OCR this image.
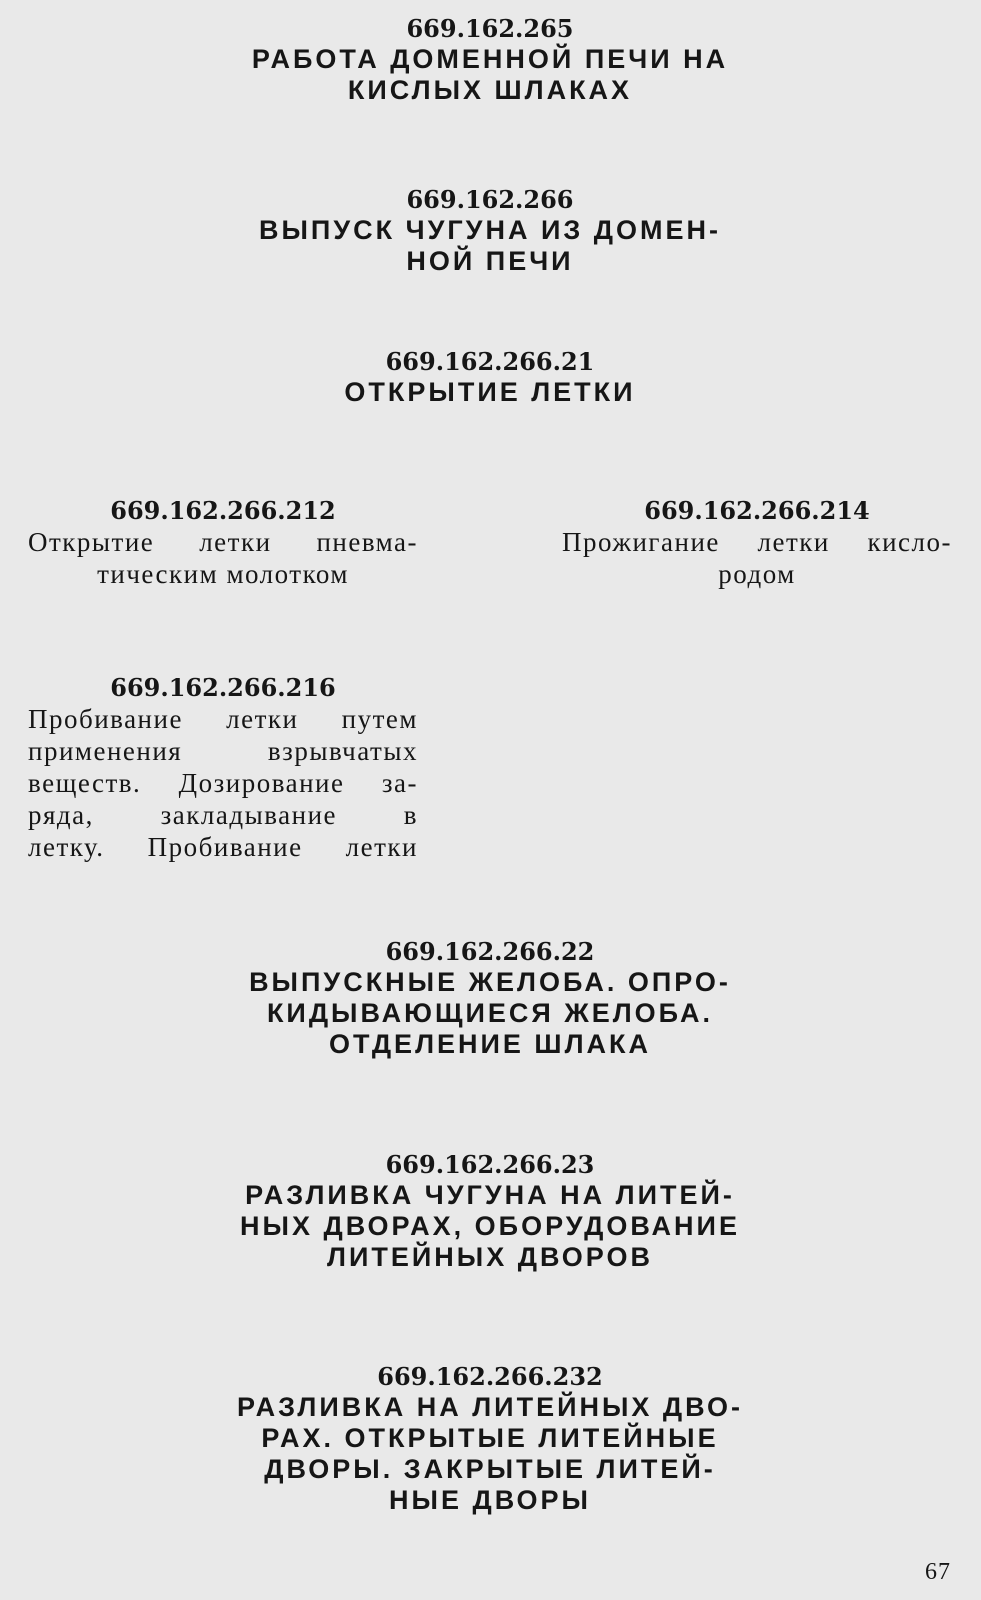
669.162.265
РАБОТА ДОМЕННОЙ ПЕЧИ НА
КИСЛЫХ ШЛАКАХ
669.162.266
ВЫПУСК ЧУГУНА ИЗ ДОМЕН-
НОЙ ПЕЧИ
669.162.266.21
ОТКРЫТИЕ ЛЕТКИ
669.162.266.212
Открытие летки пневма-
тическим молотком
669.162.266.214
Прожигание летки кисло-
родом
669.162.266.216
Пробивание летки путем
применения взрывчатых
веществ. Дозирование за-
ряда, закладывание в
летку. Пробивание летки
669.162.266.22
ВЫПУСКНЫЕ ЖЕЛОБА. ОПРО-
КИДЫВАЮЩИЕСЯ ЖЕЛОБА.
ОТДЕЛЕНИЕ ШЛАКА
669.162.266.23
РАЗЛИВКА ЧУГУНА НА ЛИТЕЙ-
НЫХ ДВОРАХ, ОБОРУДОВАНИЕ
ЛИТЕЙНЫХ ДВОРОВ
669.162.266.232
РАЗЛИВКА НА ЛИТЕЙНЫХ ДВО-
РАХ. ОТКРЫТЫЕ ЛИТЕЙНЫЕ
ДВОРЫ. ЗАКРЫТЫЕ ЛИТЕЙ-
НЫЕ ДВОРЫ
67
